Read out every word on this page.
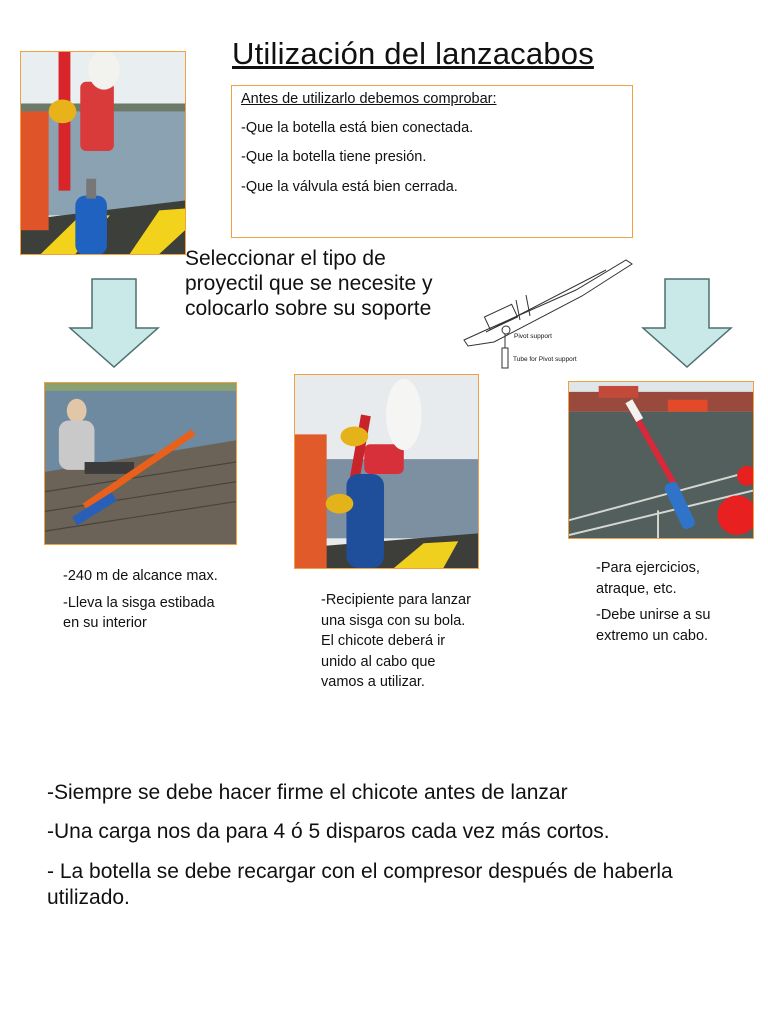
Utilización del lanzacabos
Antes de utilizarlo debemos comprobar:
-Que la botella está bien conectada.
-Que la botella tiene presión.
-Que la válvula está bien cerrada.
Seleccionar el tipo de proyectil que se necesite y colocarlo sobre su soporte
Pivot support
Tube for Pivot support

-240 m de alcance max.

-Lleva la sisga estibada en su interior

-Recipiente para lanzar una sisga con su bola. El chicote deberá ir unido al cabo que vamos a utilizar.

-Para ejercicios, atraque, etc.

-Debe unirse a su extremo un cabo.

-Siempre se debe hacer firme el chicote antes de lanzar

-Una carga nos da para 4 ó 5 disparos cada vez más cortos.

- La botella se debe recargar con el compresor después de haberla utilizado.
